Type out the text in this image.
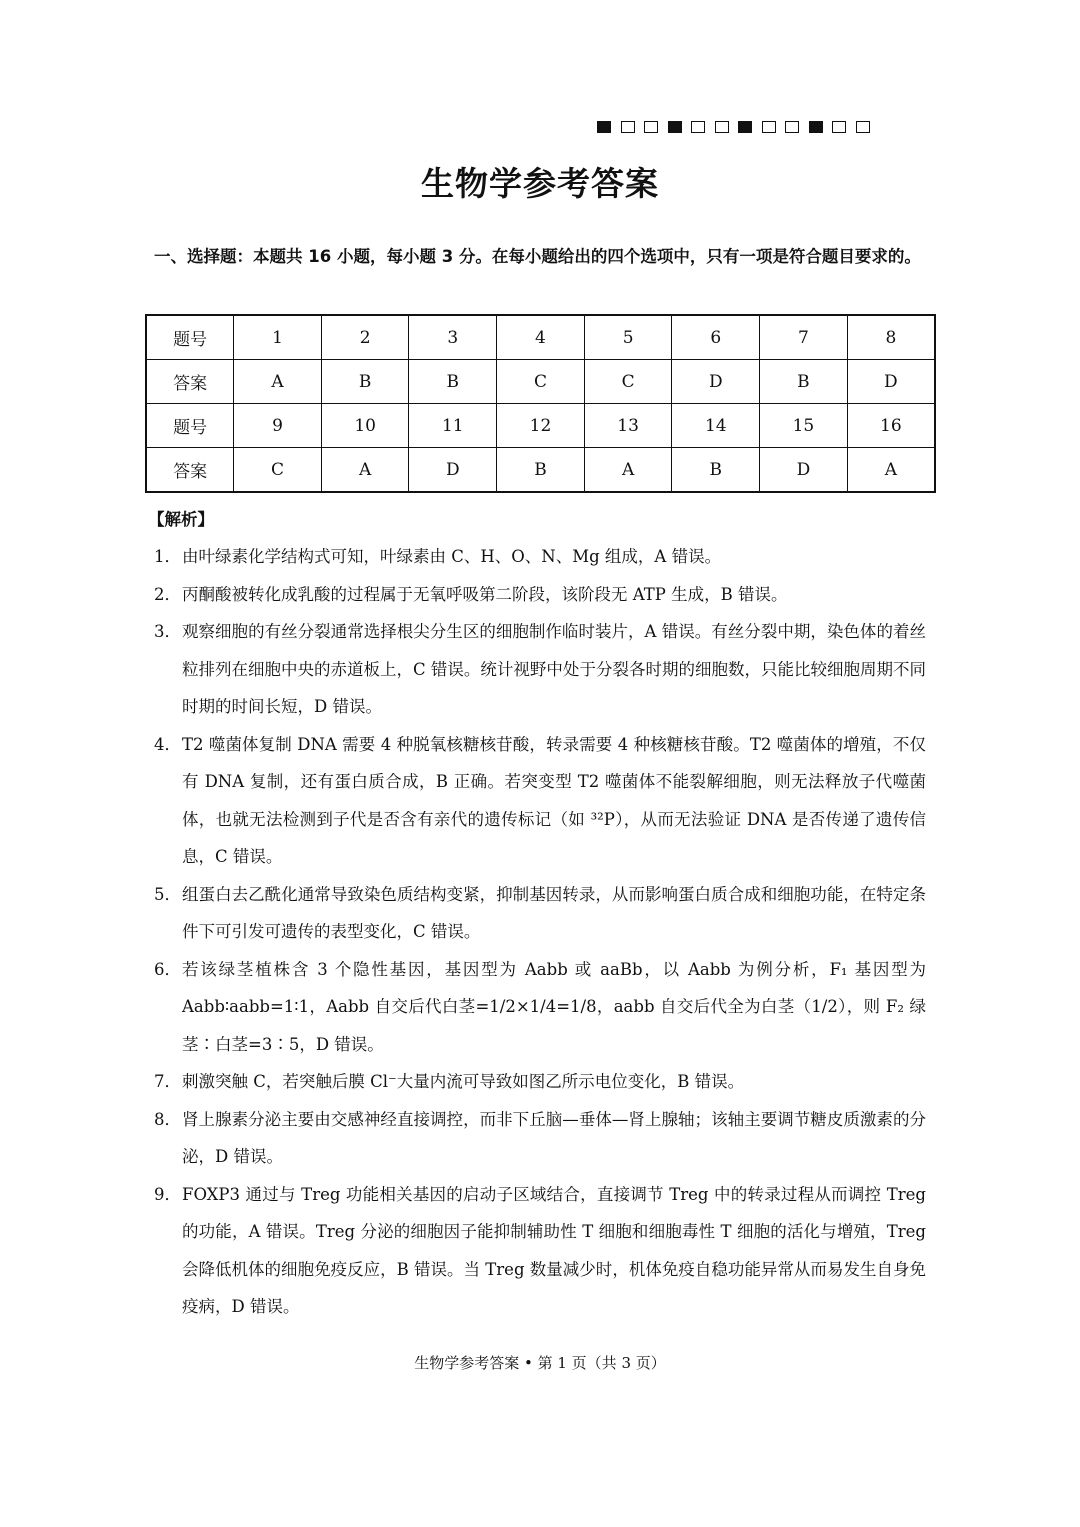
生物学参考答案

一、选择题：本题共 16 小题，每小题 3 分。在每小题给出的四个选项中，只有一项是符合题目要求的。

题号	1	2	3	4	5	6	7	8
答案	A	B	B	C	C	D	B	D
题号	9	10	11	12	13	14	15	16
答案	C	A	D	B	A	B	D	A
【解析】
1． 由叶绿素化学结构式可知，叶绿素由 C、H、O、N、Mg 组成，A 错误。
2． 丙酮酸被转化成乳酸的过程属于无氧呼吸第二阶段，该阶段无 ATP 生成，B 错误。
3． 观察细胞的有丝分裂通常选择根尖分生区的细胞制作临时装片，A 错误。有丝分裂中期，染色体的着丝粒排列在细胞中央的赤道板上，C 错误。统计视野中处于分裂各时期的细胞数，只能比较细胞周期不同时期的时间长短，D 错误。
4． T2 噬菌体复制 DNA 需要 4 种脱氧核糖核苷酸，转录需要 4 种核糖核苷酸。T2 噬菌体的增殖，不仅有 DNA 复制，还有蛋白质合成，B 正确。若突变型 T2 噬菌体不能裂解细胞，则无法释放子代噬菌体，也就无法检测到子代是否含有亲代的遗传标记（如 ³²P），从而无法验证 DNA 是否传递了遗传信息，C 错误。
5． 组蛋白去乙酰化通常导致染色质结构变紧，抑制基因转录，从而影响蛋白质合成和细胞功能，在特定条件下可引发可遗传的表型变化，C 错误。
6． 若该绿茎植株含 3 个隐性基因，基因型为 Aabb 或 aaBb，以 Aabb 为例分析，F₁ 基因型为 Aabb∶aabb=1∶1，Aabb 自交后代白茎=1/2×1/4=1/8，aabb 自交后代全为白茎（1/2），则 F₂ 绿茎∶白茎=3∶5，D 错误。
7． 刺激突触 C，若突触后膜 Cl⁻大量内流可导致如图乙所示电位变化，B 错误。
8． 肾上腺素分泌主要由交感神经直接调控，而非下丘脑—垂体—肾上腺轴；该轴主要调节糖皮质激素的分泌，D 错误。
9． FOXP3 通过与 Treg 功能相关基因的启动子区域结合，直接调节 Treg 中的转录过程从而调控 Treg 的功能，A 错误。Treg 分泌的细胞因子能抑制辅助性 T 细胞和细胞毒性 T 细胞的活化与增殖，Treg 会降低机体的细胞免疫反应，B 错误。当 Treg 数量减少时，机体免疫自稳功能异常从而易发生自身免疫病，D 错误。
生物学参考答案 • 第 1 页（共 3 页）
